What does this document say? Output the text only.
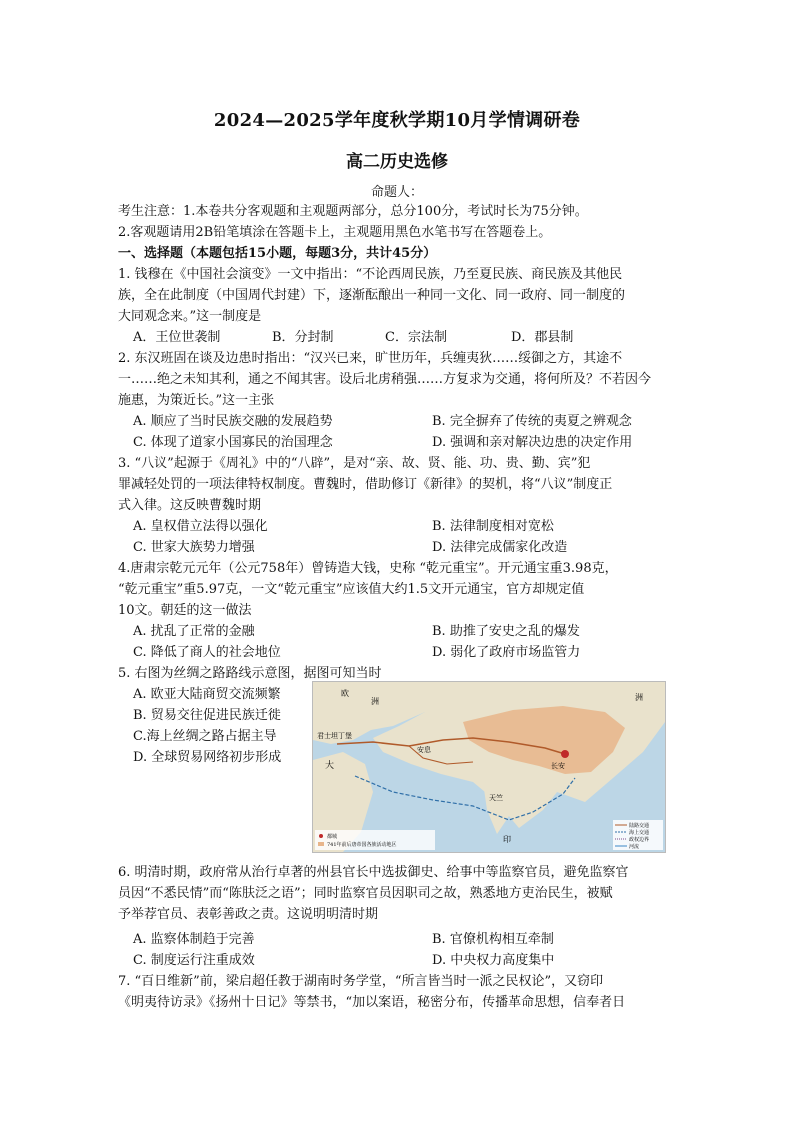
2024—2025学年度秋学期10月学情调研卷
高二历史选修
命题人：
考生注意：1.本卷共分客观题和主观题两部分，总分100分，考试时长为75分钟。
2.客观题请用2B铅笔填涂在答题卡上，主观题用黑色水笔书写在答题卷上。
一、选择题（本题包括15小题，每题3分，共计45分）
1. 钱穆在《中国社会演变》一文中指出：“不论西周民族，乃至夏民族、商民族及其他民
族，全在此制度（中国周代封建）下，逐渐酝酿出一种同一文化、同一政府、同一制度的
大同观念来。”这一制度是
A．王位世袭制	B．分封制	C．宗法制	D．郡县制
2. 东汉班固在谈及边患时指出：“汉兴已来，旷世历年，兵缠夷狄……绥御之方，其途不
一……绝之未知其利，通之不闻其害。设后北虏稍强……方复求为交通，将何所及？不若因今
施惠，为策近长。”这一主张
A. 顺应了当时民族交融的发展趋势	B. 完全摒弃了传统的夷夏之辨观念
C. 体现了道家小国寡民的治国理念	D. 强调和亲对解决边患的决定作用
3. “八议”起源于《周礼》中的“八辟”，是对“亲、故、贤、能、功、贵、勤、宾”犯
罪减轻处罚的一项法律特权制度。曹魏时，借助修订《新律》的契机，将“八议”制度正
式入律。这反映曹魏时期
A. 皇权借立法得以强化	B. 法律制度相对宽松
C. 世家大族势力增强	D. 法律完成儒家化改造
4.唐肃宗乾元元年（公元758年）曾铸造大钱，史称 “乾元重宝”。开元通宝重3.98克，
“乾元重宝”重5.97克，一文“乾元重宝”应该值大约1.5文开元通宝，官方却规定值
10文。朝廷的这一做法
A. 扰乱了正常的金融	B. 助推了安史之乱的爆发
C. 降低了商人的社会地位	D. 弱化了政府市场监管力
5. 右图为丝绸之路路线示意图，据图可知当时
A. 欧亚大陆商贸交流频繁
B. 贸易交往促进民族迁徙
C.海上丝绸之路占据主导
D. 全球贸易网络初步形成
欧
洲
君士坦丁堡
大
安息
天竺
长安
洲
印
都城
741年前后唐帝国各族活动地区
陆路交通
海上交通
政权边界
河流
6. 明清时期，政府常从治行卓著的州县官长中选拔御史、给事中等监察官员，避免监察官
员因“不悉民情”而“陈肤泛之语”；同时监察官员因职司之故，熟悉地方吏治民生，被赋
予举荐官员、表彰善政之责。这说明明清时期
A. 监察体制趋于完善	B. 官僚机构相互牵制
C. 制度运行注重成效	D. 中央权力高度集中
7. “百日维新”前，梁启超任教于湖南时务学堂，“所言皆当时一派之民权论”，又窃印
《明夷待访录》《扬州十日记》等禁书，“加以案语，秘密分布，传播革命思想，信奉者日
